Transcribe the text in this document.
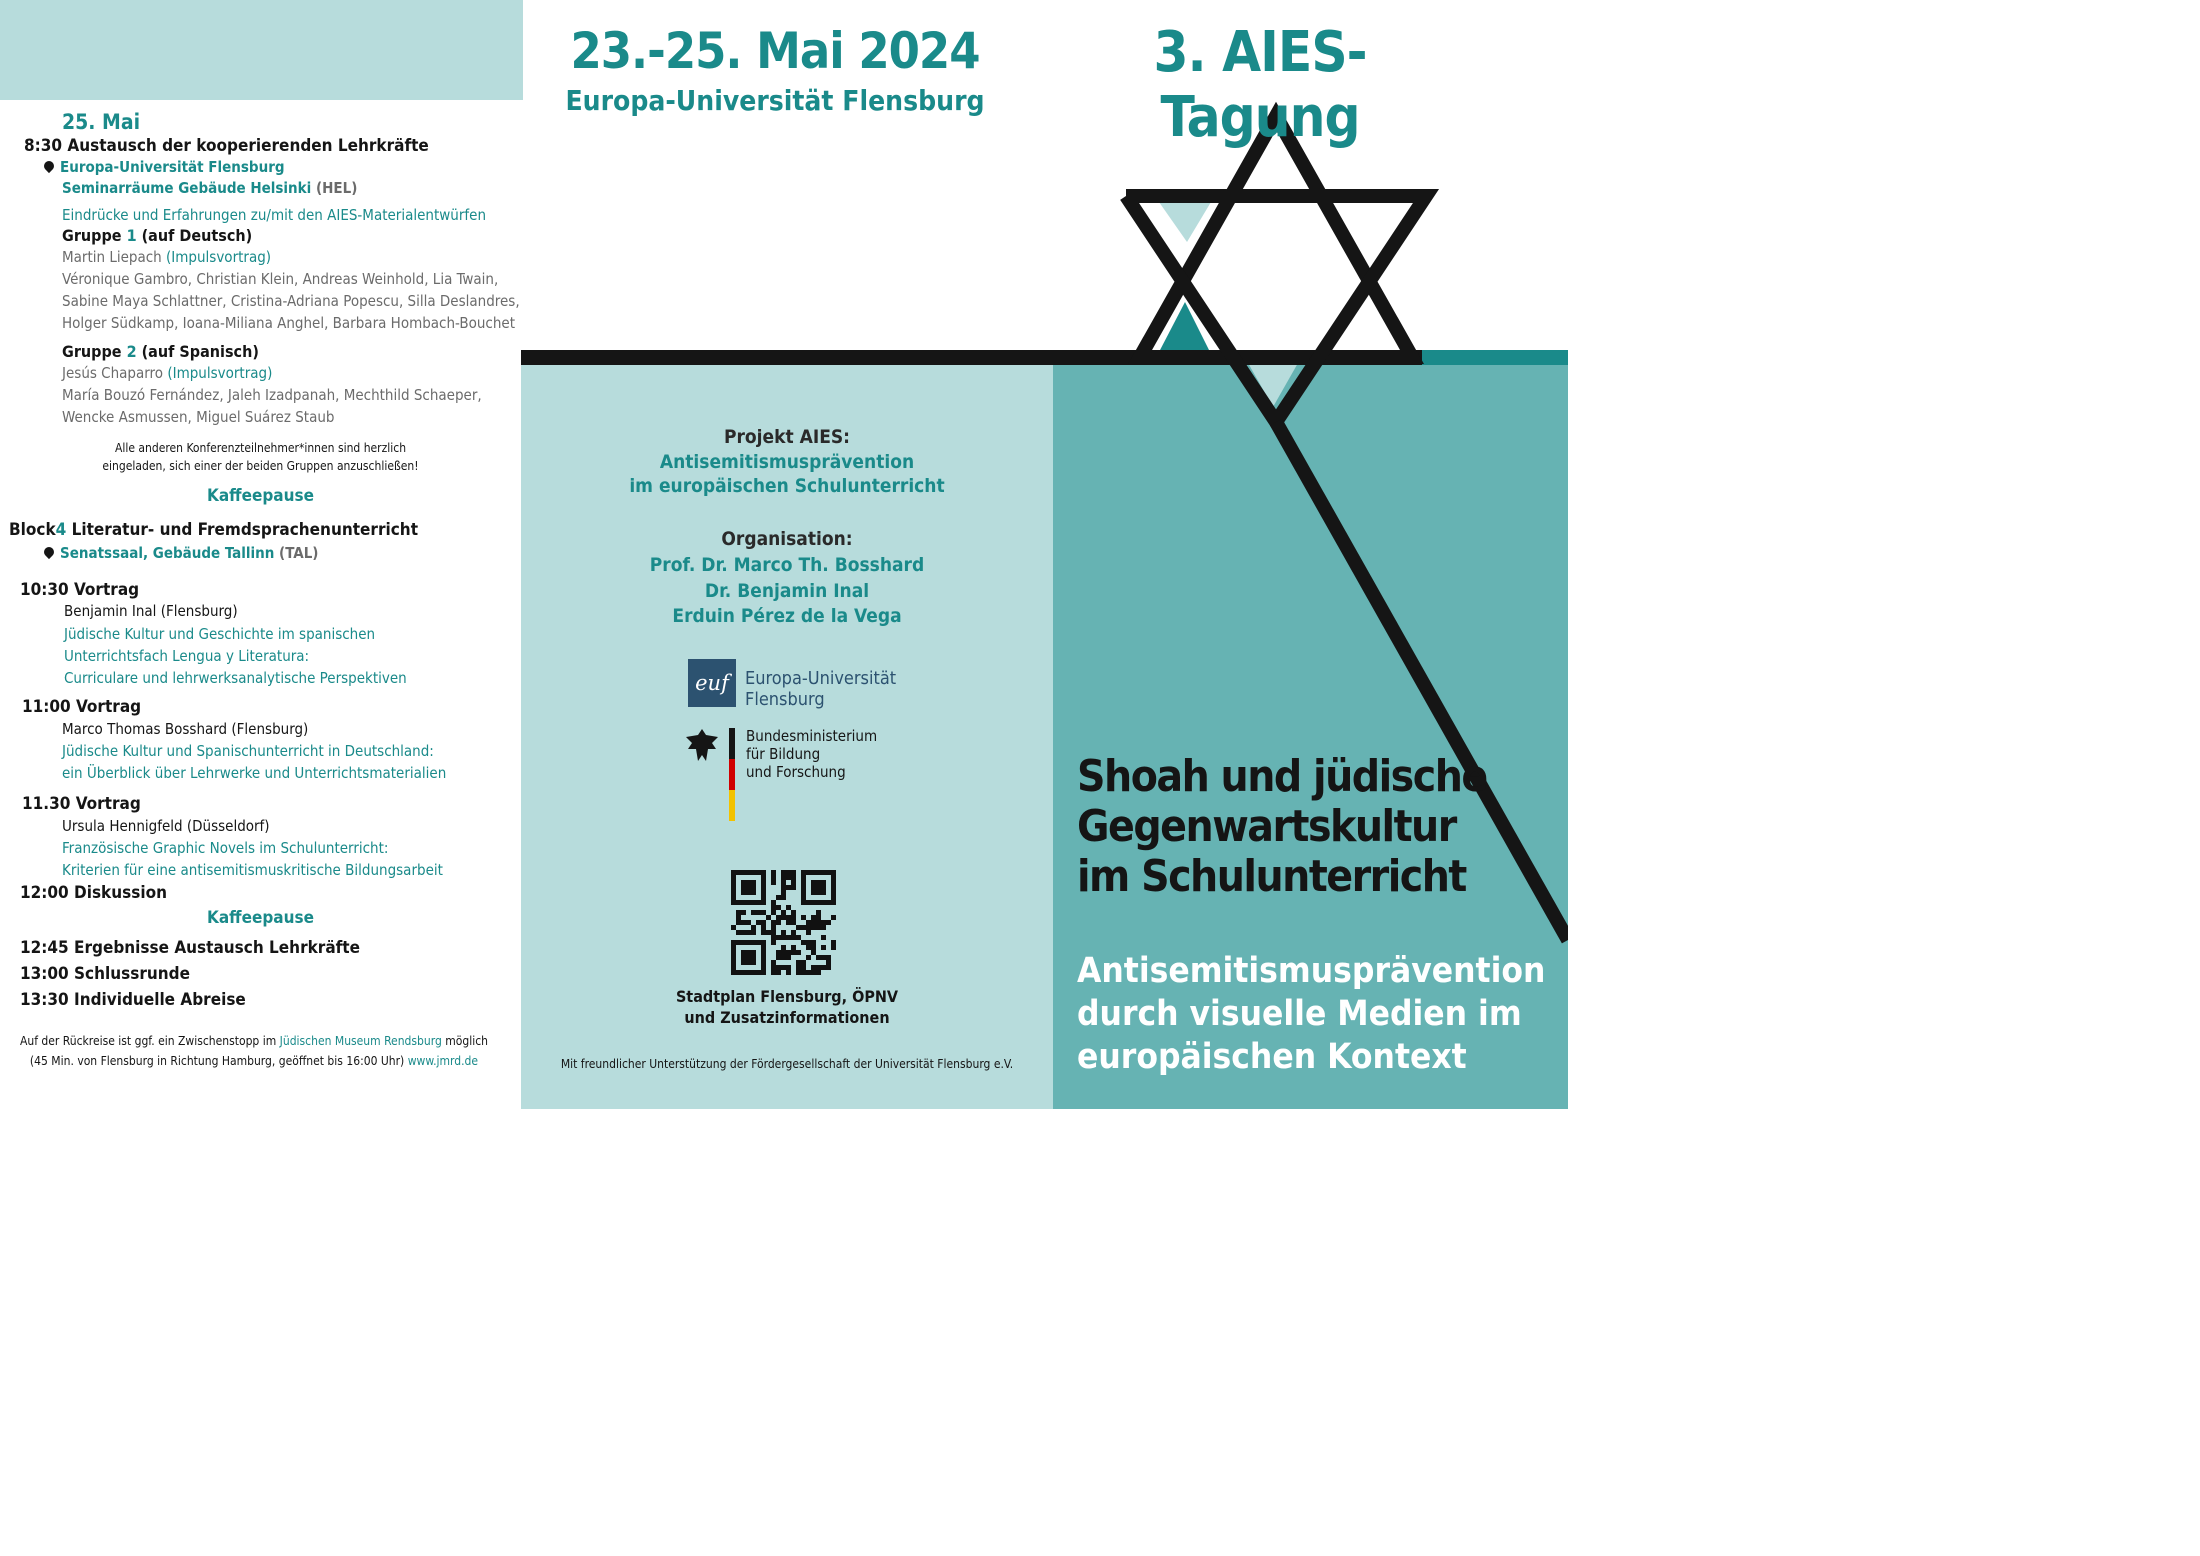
23.-25. Mai 2024
Europa-Universität Flensburg
3. AIES-Tagung
25. Mai
8:30 Austausch der kooperierenden Lehrkräfte
Europa-Universität Flensburg
Seminarräume Gebäude Helsinki (HEL)
Eindrücke und Erfahrungen zu/mit den AIES-Materialentwürfen
Gruppe 1 (auf Deutsch)
Martin Liepach (Impulsvortrag)
Véronique Gambro, Christian Klein, Andreas Weinhold, Lia Twain,
Sabine Maya Schlattner, Cristina-Adriana Popescu, Silla Deslandres,
Holger Südkamp, Ioana-Miliana Anghel, Barbara Hombach-Bouchet
Gruppe 2 (auf Spanisch)
Jesús Chaparro (Impulsvortrag)
María Bouzó Fernández, Jaleh Izadpanah, Mechthild Schaeper,
Wencke Asmussen, Miguel Suárez Staub
Alle anderen Konferenzteilnehmer*innen sind herzlich
eingeladen, sich einer der beiden Gruppen anzuschließen!
Kaffeepause
Block4 Literatur- und Fremdsprachenunterricht
Senatssaal, Gebäude Tallinn (TAL)
10:30 Vortrag
Benjamin Inal (Flensburg)
Jüdische Kultur und Geschichte im spanischen
Unterrichtsfach Lengua y Literatura:
Curriculare und lehrwerksanalytische Perspektiven
11:00 Vortrag
Marco Thomas Bosshard (Flensburg)
Jüdische Kultur und Spanischunterricht in Deutschland:
ein Überblick über Lehrwerke und Unterrichtsmaterialien
11.30 Vortrag
Ursula Hennigfeld (Düsseldorf)
Französische Graphic Novels im Schulunterricht:
Kriterien für eine antisemitismuskritische Bildungsarbeit
12:00 Diskussion
Kaffeepause
12:45 Ergebnisse Austausch Lehrkräfte
13:00 Schlussrunde
13:30 Individuelle Abreise
Auf der Rückreise ist ggf. ein Zwischenstopp im Jüdischen Museum Rendsburg möglich
(45 Min. von Flensburg in Richtung Hamburg, geöffnet bis 16:00 Uhr) www.jmrd.de
Projekt AIES:
Antisemitismusprävention
im europäischen Schulunterricht
Organisation:
Prof. Dr. Marco Th. Bosshard
Dr. Benjamin Inal
Erduin Pérez de la Vega
euf Europa-Universität
Flensburg
Bundesministerium
für Bildung
und Forschung
Stadtplan Flensburg, ÖPNV
und Zusatzinformationen
Mit freundlicher Unterstützung der Fördergesellschaft der Universität Flensburg e.V.
Shoah und jüdische
Gegenwartskultur
im Schulunterricht
Antisemitismusprävention
durch visuelle Medien im
europäischen Kontext
